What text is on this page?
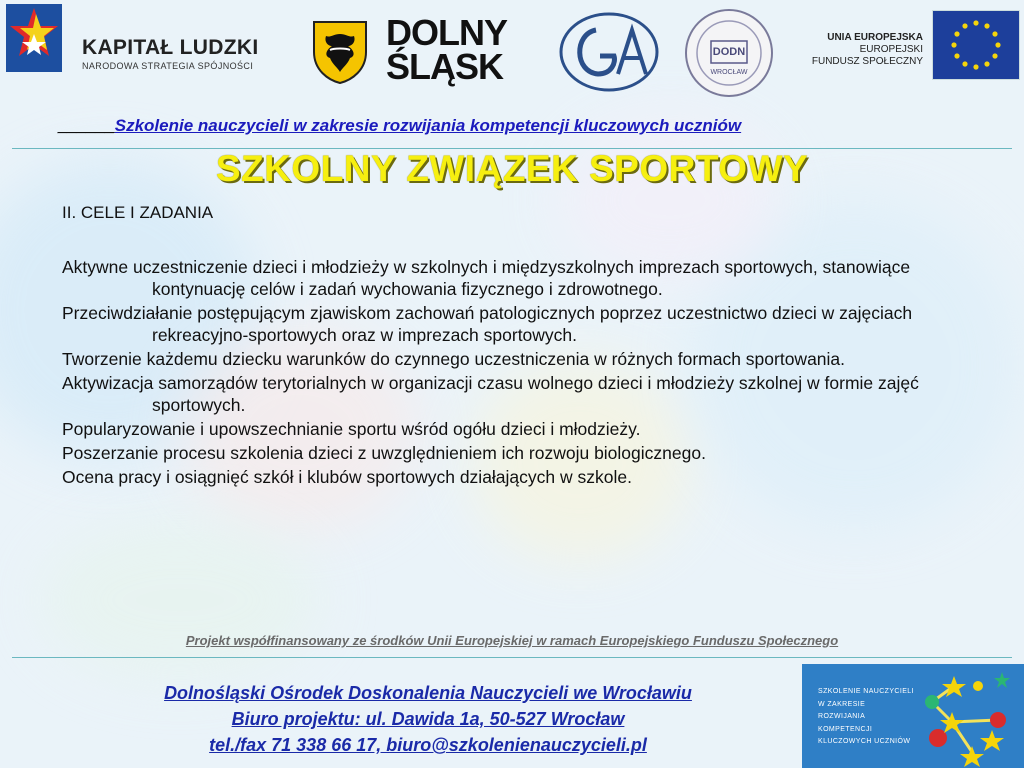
KAPITAŁ LUDZKI
NARODOWA STRATEGIA SPÓJNOŚCI
DOLNY
ŚLĄSK	DODN
WROCŁAW
UNIA EUROPEJSKA
EUROPEJSKI
FUNDUSZ SPOŁECZNY
______Szkolenie nauczycieli w zakresie rozwijania kompetencji kluczowych uczniów
SZKOLNY ZWIĄZEK SPORTOWY
II. CELE I ZADANIA
Aktywne uczestniczenie dzieci i młodzieży w szkolnych i międzyszkolnych imprezach sportowych, stanowiące kontynuację celów i zadań wychowania fizycznego i zdrowotnego.
Przeciwdziałanie postępującym zjawiskom zachowań patologicznych poprzez uczestnictwo dzieci w zajęciach rekreacyjno-sportowych oraz w imprezach sportowych.
Tworzenie każdemu dziecku warunków do czynnego uczestniczenia w różnych formach sportowania.
Aktywizacja samorządów terytorialnych w organizacji czasu wolnego dzieci i młodzieży szkolnej w formie zajęć sportowych.
Popularyzowanie i upowszechnianie sportu wśród ogółu dzieci i młodzieży.
Poszerzanie procesu szkolenia dzieci z uwzględnieniem ich rozwoju biologicznego.
Ocena pracy i osiągnięć szkół i klubów sportowych działających w szkole.
Projekt współfinansowany ze środków Unii Europejskiej w ramach Europejskiego Funduszu Społecznego
Dolnośląski Ośrodek Doskonalenia Nauczycieli we Wrocławiu
Biuro projektu: ul. Dawida 1a, 50-527 Wrocław
tel./fax 71 338 66 17, biuro@szkolenienauczycieli.pl
SZKOLENIE NAUCZYCIELI
W ZAKRESIE
ROZWIJANIA
KOMPETENCJI
KLUCZOWYCH UCZNIÓW
